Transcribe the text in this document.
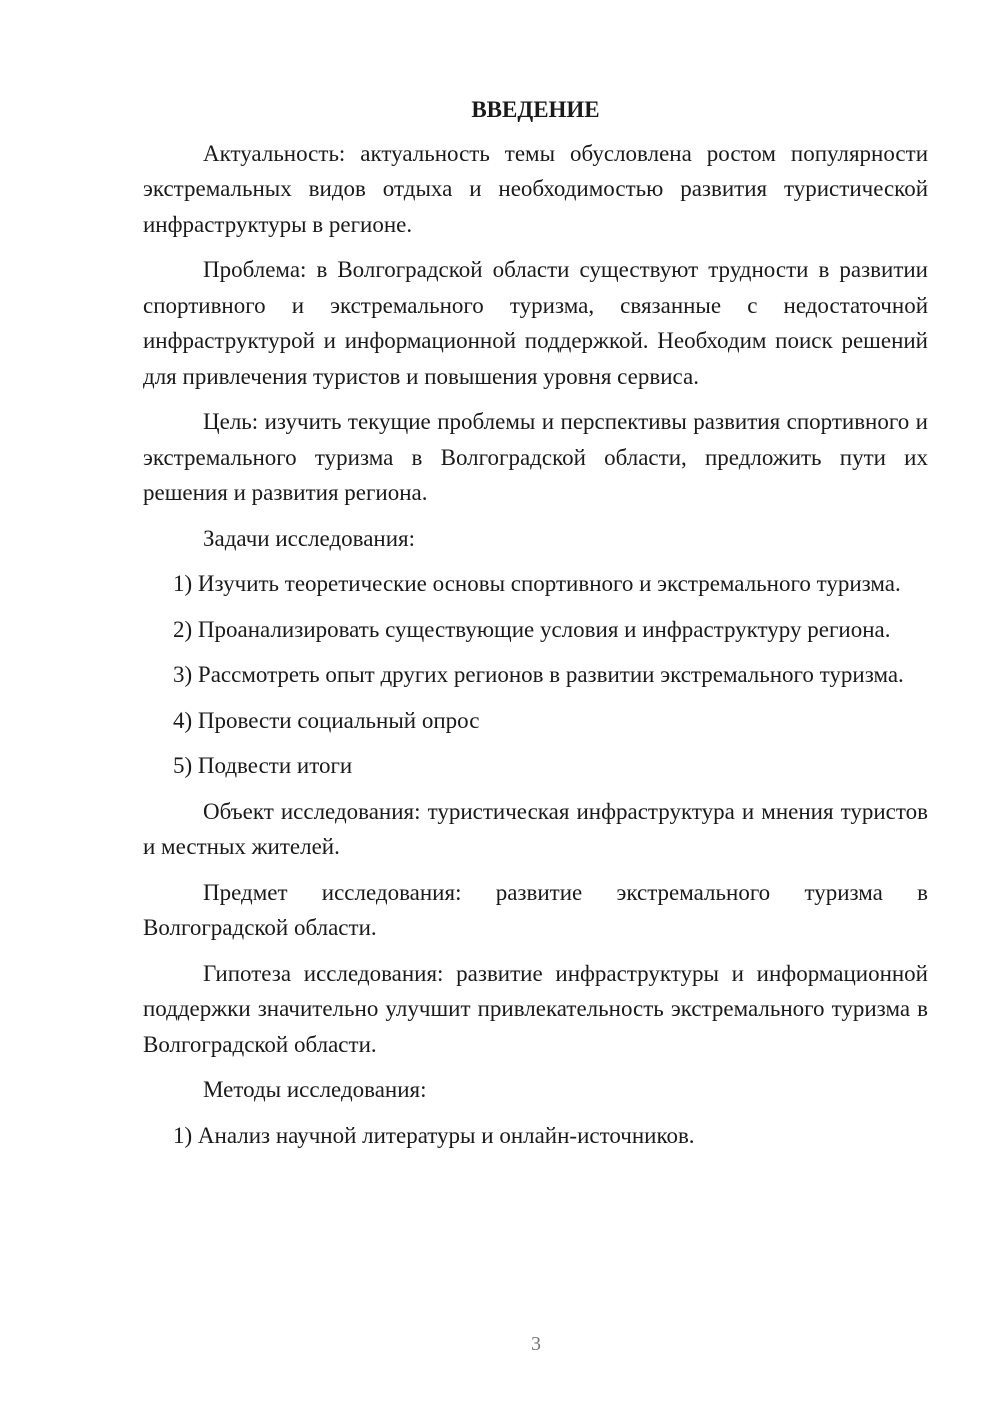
ВВЕДЕНИЕ

Актуальность: актуальность темы обусловлена ростом популярности экстремальных видов отдыха и необходимостью развития туристической инфраструктуры в регионе.

Проблема: в Волгоградской области существуют трудности в развитии спортивного и экстремального туризма, связанные с недостаточной инфраструктурой и информационной поддержкой. Необходим поиск решений для привлечения туристов и повышения уровня сервиса.

Цель: изучить текущие проблемы и перспективы развития спортивного и экстремального туризма в Волгоградской области, предложить пути их решения и развития региона.

Задачи исследования:

1) Изучить теоретические основы спортивного и экстремального туризма.

2) Проанализировать существующие условия и инфраструктуру региона.

3) Рассмотреть опыт других регионов в развитии экстремального туризма.

4) Провести социальный опрос

5) Подвести итоги

Объект исследования: туристическая инфраструктура и мнения туристов и местных жителей.

Предмет исследования: развитие экстремального туризма в Волгоградской области.

Гипотеза исследования: развитие инфраструктуры и информационной поддержки значительно улучшит привлекательность экстремального туризма в Волгоградской области.

Методы исследования:

1) Анализ научной литературы и онлайн-источников.

3
